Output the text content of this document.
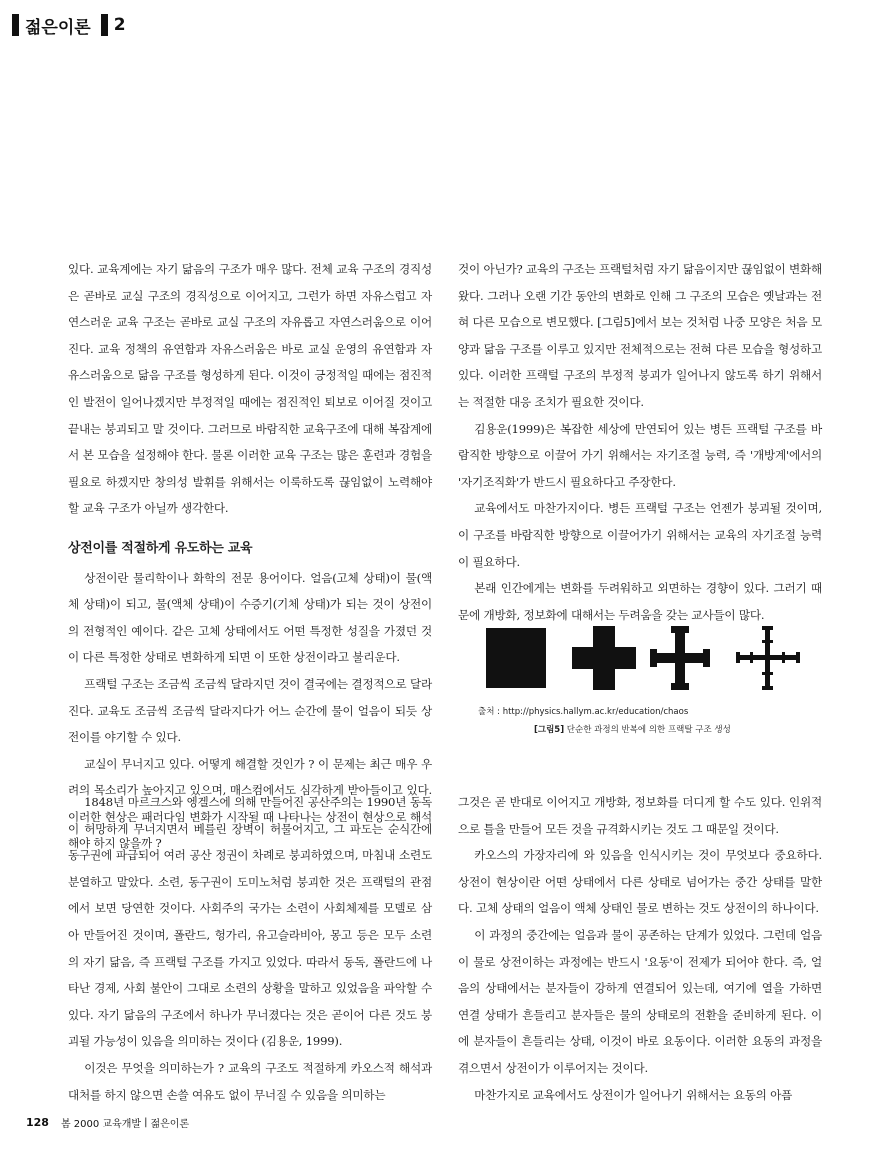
젊은이론 2

있다. 교육계에는 자기 닮음의 구조가 매우 많다. 전체 교육 구조의 경직성은 곧바로 교실 구조의 경직성으로 이어지고, 그런가 하면 자유스럽고 자연스러운 교육 구조는 곧바로 교실 구조의 자유롭고 자연스러움으로 이어진다. 교육 정책의 유연함과 자유스러움은 바로 교실 운영의 유연함과 자유스러움으로 닮음 구조를 형성하게 된다. 이것이 긍정적일 때에는 점진적인 발전이 일어나겠지만 부정적일 때에는 점진적인 퇴보로 이어질 것이고 끝내는 붕괴되고 말 것이다. 그러므로 바람직한 교육구조에 대해 복잡계에서 본 모습을 설정해야 한다. 물론 이러한 교육 구조는 많은 훈련과 경험을 필요로 하겠지만 창의성 발휘를 위해서는 이룩하도록 끊임없이 노력해야 할 교육 구조가 아닐까 생각한다.

상전이를 적절하게 유도하는 교육

상전이란 물리학이나 화학의 전문 용어이다. 얼음(고체 상태)이 물(액체 상태)이 되고, 물(액체 상태)이 수증기(기체 상태)가 되는 것이 상전이의 전형적인 예이다. 같은 고체 상태에서도 어떤 특정한 성질을 가졌던 것이 다른 특정한 상태로 변화하게 되면 이 또한 상전이라고 불리운다.

프랙털 구조는 조금씩 조금씩 달라지던 것이 결국에는 결정적으로 달라진다. 교육도 조금씩 조금씩 달라지다가 어느 순간에 물이 얼음이 되듯 상전이를 야기할 수 있다.

교실이 무너지고 있다. 어떻게 해결할 것인가 ? 이 문제는 최근 매우 우려의 목소리가 높아지고 있으며, 매스컴에서도 심각하게 받아들이고 있다. 이러한 현상은 패러다임 변화가 시작될 때 나타나는 상전이 현상으로 해석해야 하지 않을까 ?

1848년 마르크스와 엥겔스에 의해 만들어진 공산주의는 1990년 동독이 허망하게 무너지면서 베를린 장벽이 허물어지고, 그 파도는 순식간에 동구권에 파급되어 여러 공산 정권이 차례로 붕괴하였으며, 마침내 소련도 분열하고 말았다. 소련, 동구권이 도미노처럼 붕괴한 것은 프랙털의 관점에서 보면 당연한 것이다. 사회주의 국가는 소련이 사회체제를 모델로 삼아 만들어진 것이며, 폴란드, 헝가리, 유고슬라비아, 몽고 등은 모두 소련의 자기 닮음, 즉 프랙털 구조를 가지고 있었다. 따라서 동독, 폴란드에 나타난 경제, 사회 불안이 그대로 소련의 상황을 말하고 있었음을 파악할 수 있다. 자기 닮음의 구조에서 하나가 무너졌다는 것은 곧이어 다른 것도 붕괴될 가능성이 있음을 의미하는 것이다 (김용운, 1999).

이것은 무엇을 의미하는가 ? 교육의 구조도 적절하게 카오스적 해석과 대처를 하지 않으면 손쓸 여유도 없이 무너질 수 있음을 의미하는

것이 아닌가? 교육의 구조는 프랙털처럼 자기 닮음이지만 끊임없이 변화해 왔다. 그러나 오랜 기간 동안의 변화로 인해 그 구조의 모습은 옛날과는 전혀 다른 모습으로 변모했다. [그림5]에서 보는 것처럼 나중 모양은 처음 모양과 닮음 구조를 이루고 있지만 전체적으로는 전혀 다른 모습을 형성하고 있다. 이러한 프랙털 구조의 부정적 붕괴가 일어나지 않도록 하기 위해서는 적절한 대응 조치가 필요한 것이다.

김용운(1999)은 복잡한 세상에 만연되어 있는 병든 프랙털 구조를 바람직한 방향으로 이끌어 가기 위해서는 자기조절 능력, 즉 '개방계'에서의 '자기조직화'가 반드시 필요하다고 주장한다.

교육에서도 마찬가지이다. 병든 프랙털 구조는 언젠가 붕괴될 것이며, 이 구조를 바람직한 방향으로 이끌어가기 위해서는 교육의 자기조절 능력이 필요하다.

본래 인간에게는 변화를 두려워하고 외면하는 경향이 있다. 그러기 때문에 개방화, 정보화에 대해서는 두려움을 갖는 교사들이 많다.

출처 : http://physics.hallym.ac.kr/education/chaos
[그림5] 단순한 과정의 반복에 의한 프랙탈 구조 생성

그것은 곧 반대로 이어지고 개방화, 정보화를 더디게 할 수도 있다. 인위적으로 틀을 만들어 모든 것을 규격화시키는 것도 그 때문일 것이다.

카오스의 가장자리에 와 있음을 인식시키는 것이 무엇보다 중요하다. 상전이 현상이란 어떤 상태에서 다른 상태로 넘어가는 중간 상태를 말한다. 고체 상태의 얼음이 액체 상태인 물로 변하는 것도 상전이의 하나이다.

이 과정의 중간에는 얼음과 물이 공존하는 단계가 있었다. 그런데 얼음이 물로 상전이하는 과정에는 반드시 '요동'이 전제가 되어야 한다. 즉, 얼음의 상태에서는 분자들이 강하게 연결되어 있는데, 여기에 열을 가하면 연결 상태가 흔들리고 분자들은 물의 상태로의 전환을 준비하게 된다. 이에 분자들이 흔들리는 상태, 이것이 바로 요동이다. 이러한 요동의 과정을 겪으면서 상전이가 이루어지는 것이다.

마찬가지로 교육에서도 상전이가 일어나기 위해서는 요동의 아픔

128 봄 2000 교육개발 | 젊은이론
